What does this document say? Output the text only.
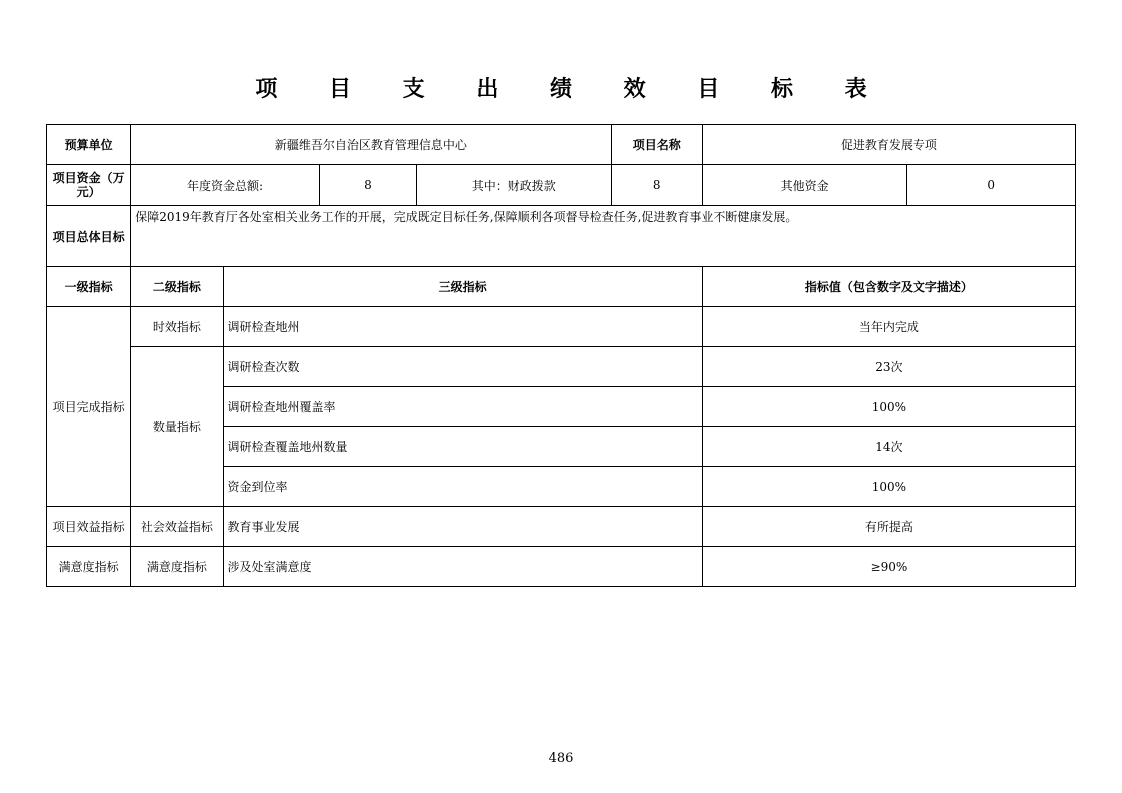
项 目 支 出 绩 效 目 标 表
预算单位	新疆维吾尔自治区教育管理信息中心				项目名称	促进教育发展专项	
项目资金（万元）	年度资金总额:		8	其中：财政拨款	8	其他资金	0
项目总体目标	保障2019年教育厅各处室相关业务工作的开展，完成既定目标任务,保障顺利各项督导检查任务,促进教育事业不断健康发展。						
一级指标	二级指标	三级指标				指标值（包含数字及文字描述）	
项目完成指标	时效指标	调研检查地州				当年内完成	
	数量指标	调研检查次数				23次	
		调研检查地州覆盖率				100%	
		调研检查覆盖地州数量				14次	
		资金到位率				100%	
项目效益指标	社会效益指标	教育事业发展				有所提高	
满意度指标	满意度指标	涉及处室满意度				≥90%	
486
